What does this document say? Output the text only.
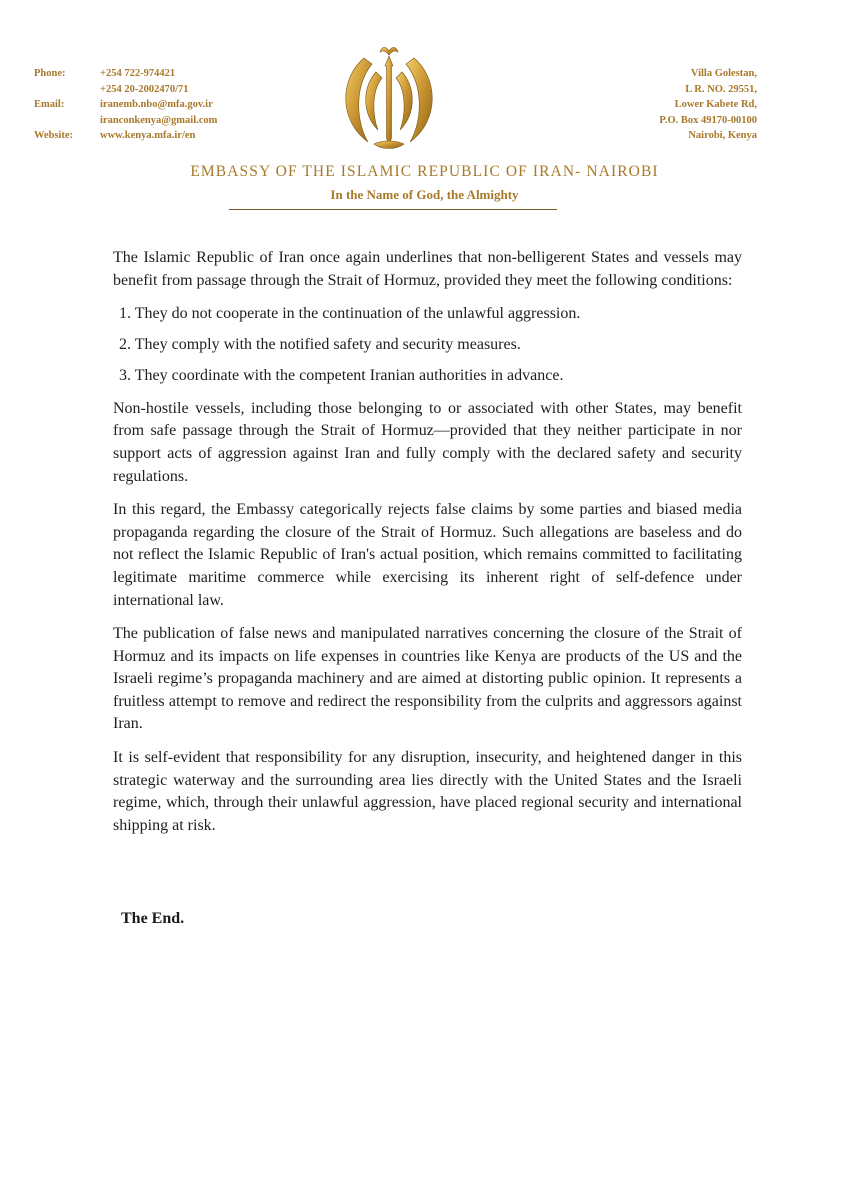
Phone:	+254 722-974421
+254 20-2002470/71
Email:	iranemb.nbo@mfa.gov.ir
iranconkenya@gmail.com
Website:	www.kenya.mfa.ir/en
Villa Golestan,
L R. NO. 29551,
Lower Kabete Rd,
P.O. Box 49170-00100
Nairobi, Kenya
EMBASSY OF THE ISLAMIC REPUBLIC OF IRAN- NAIROBI

In the Name of God, the Almighty

The Islamic Republic of Iran once again underlines that non-belligerent States and vessels may benefit from passage through the Strait of Hormuz, provided they meet the following conditions:

1. They do not cooperate in the continuation of the unlawful aggression.
2. They comply with the notified safety and security measures.
3. They coordinate with the competent Iranian authorities in advance.

Non-hostile vessels, including those belonging to or associated with other States, may benefit from safe passage through the Strait of Hormuz—provided that they neither participate in nor support acts of aggression against Iran and fully comply with the declared safety and security regulations.

In this regard, the Embassy categorically rejects false claims by some parties and biased media propaganda regarding the closure of the Strait of Hormuz. Such allegations are baseless and do not reflect the Islamic Republic of Iran's actual position, which remains committed to facilitating legitimate maritime commerce while exercising its inherent right of self-defence under international law.

The publication of false news and manipulated narratives concerning the closure of the Strait of Hormuz and its impacts on life expenses in countries like Kenya are products of the US and the Israeli regime’s propaganda machinery and are aimed at distorting public opinion. It represents a fruitless attempt to remove and redirect the responsibility from the culprits and aggressors against Iran.

It is self-evident that responsibility for any disruption, insecurity, and heightened danger in this strategic waterway and the surrounding area lies directly with the United States and the Israeli regime, which, through their unlawful aggression, have placed regional security and international shipping at risk.

The End.
